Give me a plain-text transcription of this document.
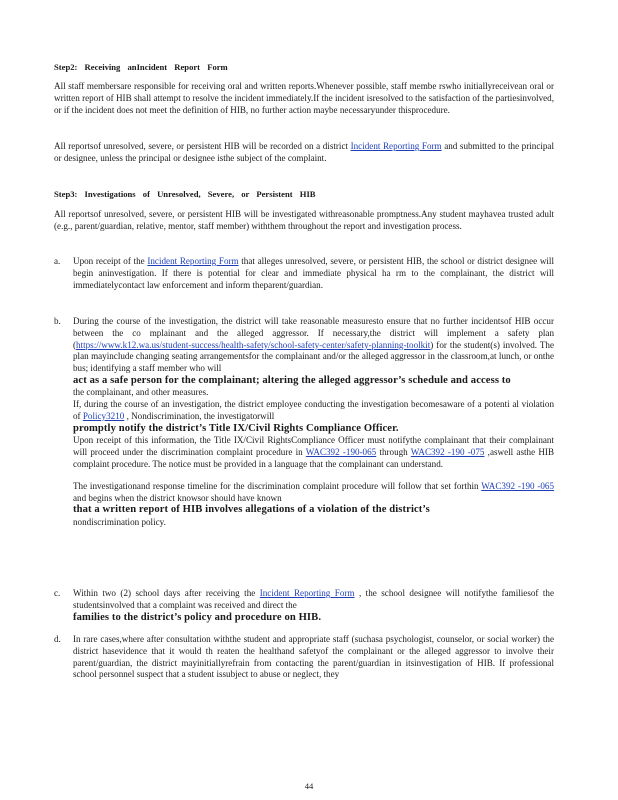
Step2: Receiving anIncident Report Form
All staff membersare responsible for receiving oral and written reports.Whenever possible, staff membe rswho initiallyreceivean oral or written report of HIB shall attempt to resolve the incident immediately.If the incident isresolved to the satisfaction of the partiesinvolved, or if the incident does not meet the definition of HIB, no further action maybe necessaryunder thisprocedure.
All reportsof unresolved, severe, or persistent HIB will be recorded on a district Incident Reporting Form and submitted to the principal or designee, unless the principal or designee isthe subject of the complaint.
Step3: Investigations of Unresolved, Severe, or Persistent HIB
All reportsof unresolved, severe, or persistent HIB will be investigated withreasonable promptness.Any student mayhavea trusted adult (e.g., parent/guardian, relative, mentor, staff member) withthem throughout the report and investigation process.
a.	Upon receipt of the Incident Reporting Form that alleges unresolved, severe, or persistent HIB, the school or district designee will begin aninvestigation. If there is potential for clear and immediate physical ha rm to the complainant, the district will immediatelycontact law enforcement and inform theparent/guardian.
b.	During the course of the investigation, the district will take reasonable measuresto ensure that no further incidentsof HIB occur between the co mplainant and the alleged aggressor. If necessary,the district will implement a safety plan (https://www.k12.wa.us/student-success/health-safety/school-safety-center/safety-planning-toolkit) for the student(s) involved. The plan mayinclude changing seating arrangementsfor the complainant and/or the alleged aggressor in the classroom,at lunch, or onthe bus; identifying a staff member who will
act as a safe person for the complainant; altering the alleged aggressor’s schedule and access to
the complainant, and other measures.
If, during the course of an investigation, the district employee conducting the investigation becomesaware of a potenti al violation of Policy3210 , Nondiscrimination, the investigatorwill
promptly notify the district’s Title IX/Civil Rights Compliance Officer.
Upon receipt of this information, the Title IX/Civil RightsCompliance Officer must notifythe complainant that their complainant will proceed under the discrimination complaint procedure in WAC392 -190-065 through WAC392 -190 -075 ,aswell asthe HIB complaint procedure. The notice must be provided in a language that the complainant can understand.
The investigationand response timeline for the discrimination complaint procedure will follow that set forthin WAC392 -190 -065 and begins when the district knowsor should have known
that a written report of HIB involves allegations of a violation of the district’s
nondiscrimination policy.
c.	Within two (2) school days after receiving the Incident Reporting Form , the school designee will notifythe familiesof the studentsinvolved that a complaint was received and direct the
families to the district’s policy and procedure on HIB.
d.	In rare cases,where after consultation withthe student and appropriate staff (suchasa psychologist, counselor, or social worker) the district hasevidence that it would th reaten the healthand safetyof the complainant or the alleged aggressor to involve their parent/guardian, the district mayinitiallyrefrain from contacting the parent/guardian in itsinvestigation of HIB. If professional school personnel suspect that a student issubject to abuse or neglect, they
44
